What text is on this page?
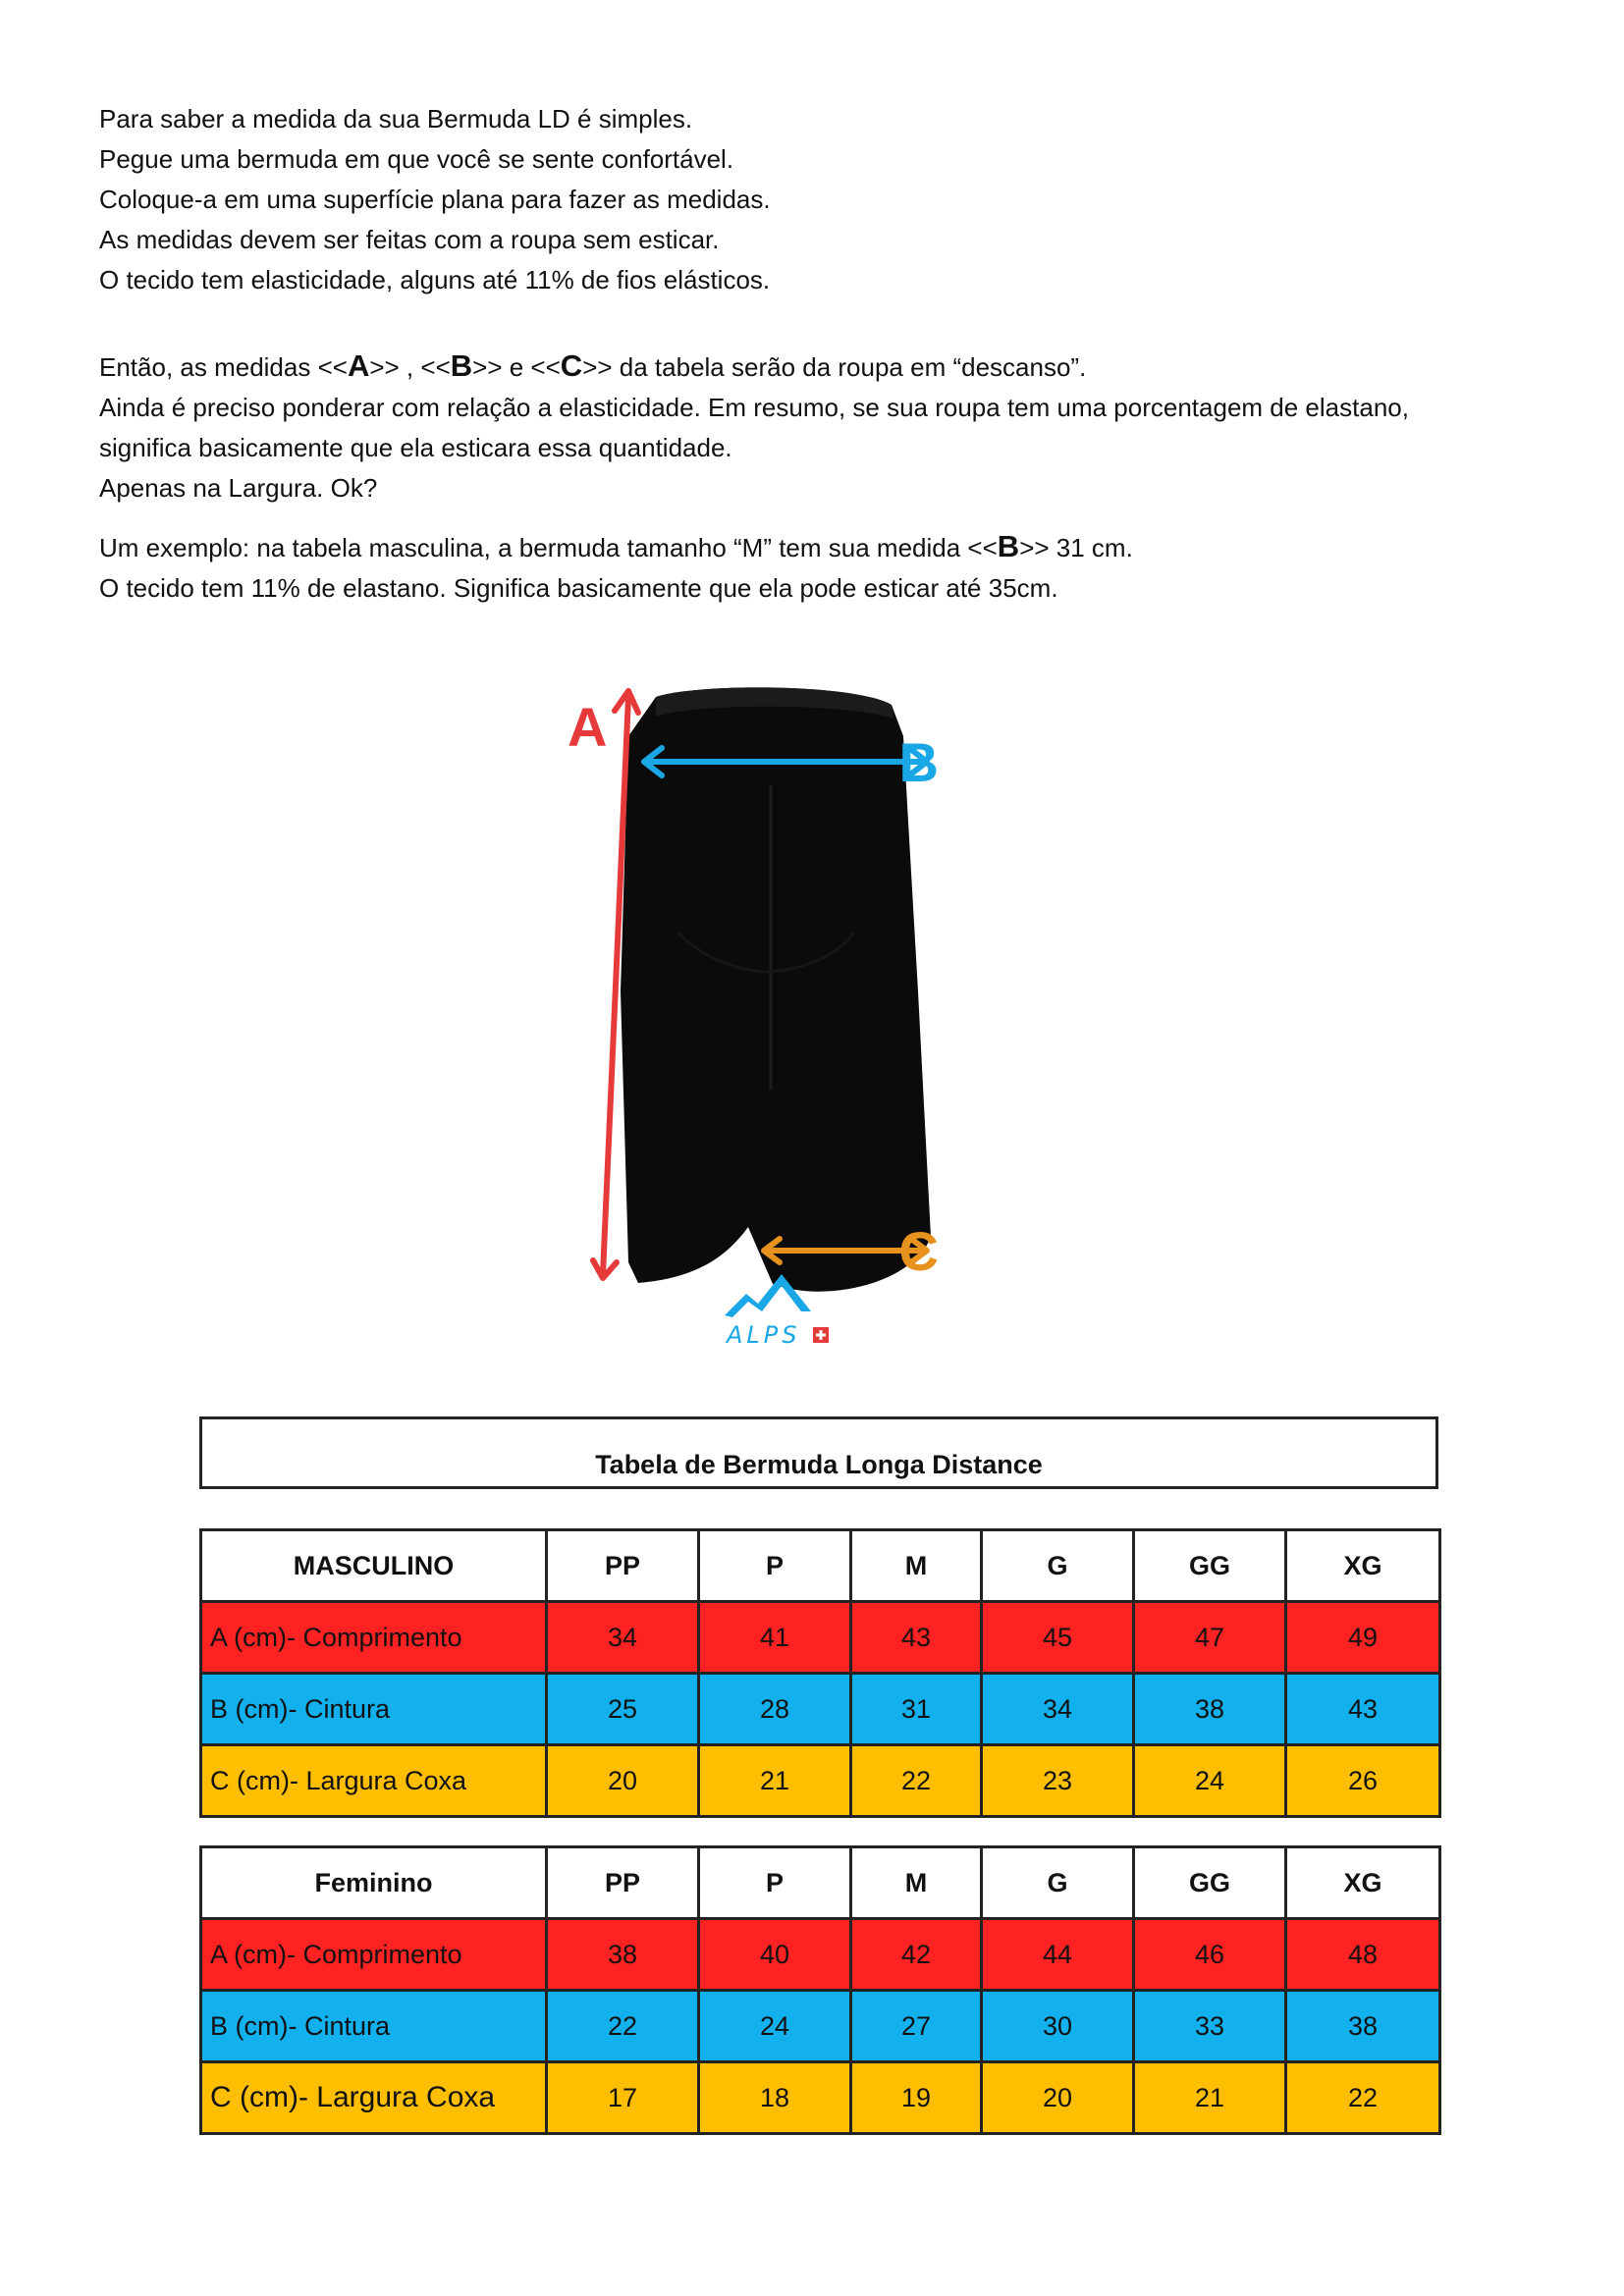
Para saber a medida da sua Bermuda LD é simples.

Pegue uma bermuda em que você se sente confortável.

Coloque-a em uma superfície plana para fazer as medidas.

As medidas devem ser feitas com a roupa sem esticar.

O tecido tem elasticidade, alguns até 11% de fios elásticos.

Então, as medidas <<A>> , <<B>> e <<C>> da tabela serão da roupa em “descanso”.

Ainda é preciso ponderar com relação a elasticidade. Em resumo, se sua roupa tem uma porcentagem de elastano,

significa basicamente que ela esticara essa quantidade.

Apenas na Largura. Ok?

Um exemplo: na tabela masculina, a bermuda tamanho “M” tem sua medida <<B>> 31 cm.

O tecido tem 11% de elastano. Significa basicamente que ela pode esticar até 35cm.

A
B
C
ALPS
Tabela de Bermuda Longa Distance
MASCULINO	PP	P	M	G	GG	XG
A (cm)- Comprimento	34	41	43	45	47	49
B (cm)- Cintura	25	28	31	34	38	43
C (cm)- Largura Coxa	20	21	22	23	24	26
Feminino	PP	P	M	G	GG	XG
A (cm)- Comprimento	38	40	42	44	46	48
B (cm)- Cintura	22	24	27	30	33	38
C (cm)- Largura Coxa	17	18	19	20	21	22
